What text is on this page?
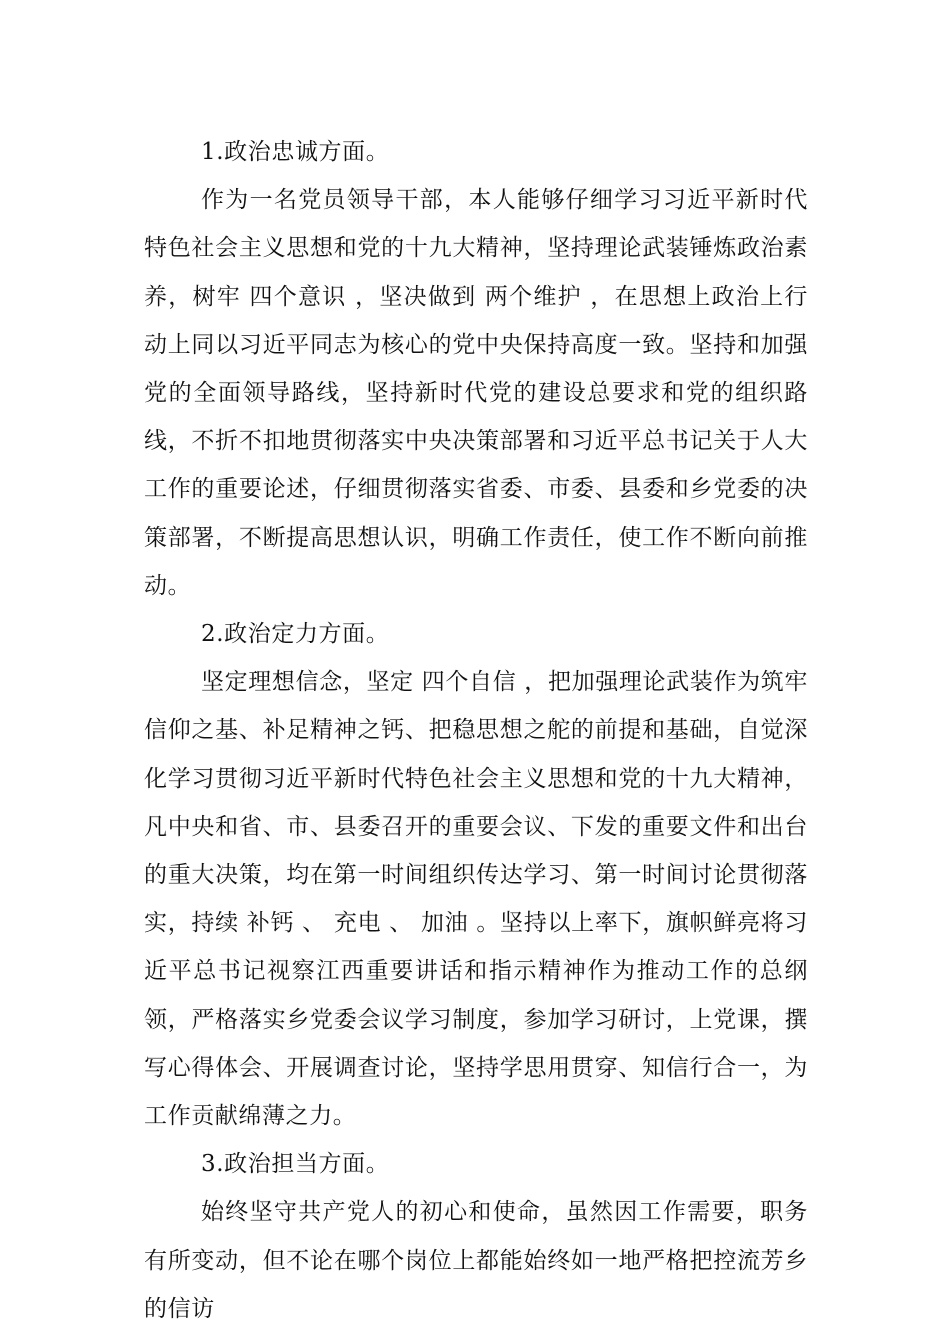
1.政治忠诚方面。

作为一名党员领导干部，本人能够仔细学习习近平新时代特色社会主义思想和党的十九大精神，坚持理论武装锤炼政治素养，树牢 四个意识 ，坚决做到 两个维护 ，在思想上政治上行动上同以习近平同志为核心的党中央保持高度一致。坚持和加强党的全面领导路线，坚持新时代党的建设总要求和党的组织路线，不折不扣地贯彻落实中央决策部署和习近平总书记关于人大工作的重要论述，仔细贯彻落实省委、市委、县委和乡党委的决策部署，不断提高思想认识，明确工作责任，使工作不断向前推动。

2.政治定力方面。

坚定理想信念，坚定 四个自信 ，把加强理论武装作为筑牢信仰之基、补足精神之钙、把稳思想之舵的前提和基础，自觉深化学习贯彻习近平新时代特色社会主义思想和党的十九大精神，凡中央和省、市、县委召开的重要会议、下发的重要文件和出台的重大决策，均在第一时间组织传达学习、第一时间讨论贯彻落实，持续 补钙 、 充电 、 加油 。坚持以上率下，旗帜鲜亮将习近平总书记视察江西重要讲话和指示精神作为推动工作的总纲领，严格落实乡党委会议学习制度，参加学习研讨，上党课，撰写心得体会、开展调查讨论，坚持学思用贯穿、知信行合一，为工作贡献绵薄之力。

3.政治担当方面。

始终坚守共产党人的初心和使命，虽然因工作需要，职务有所变动，但不论在哪个岗位上都能始终如一地严格把控流芳乡的信访
